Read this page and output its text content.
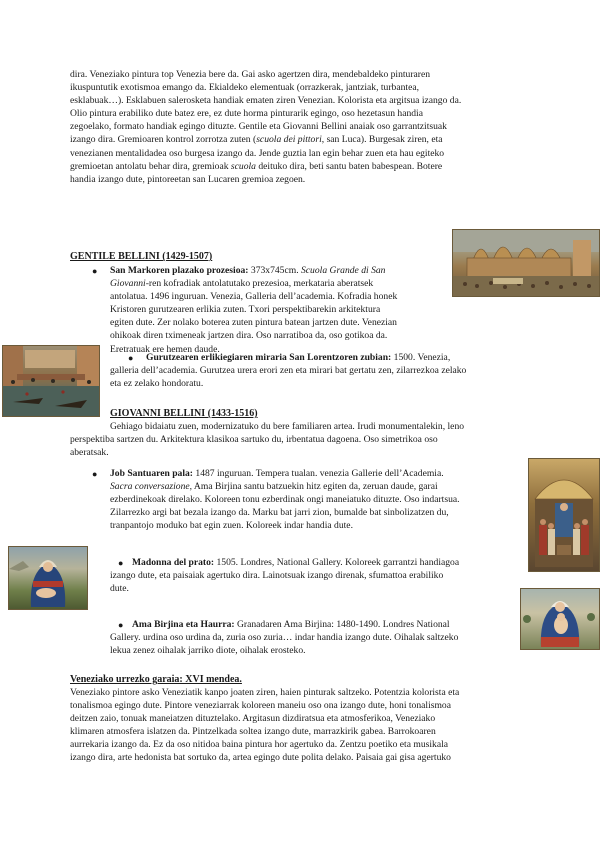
dira. Veneziako pintura top Venezia bere da. Gai asko agertzen dira, mendebaldeko pinturaren
ikuspuntutik exotismoa emango da. Ekialdeko elementuak (orrazkerak, jantziak, turbanteа,
esklabuak…). Esklabuen salerosketa handiak ematen ziren Venezian. Kolorista eta argitsua izango da.
Olio pintura erabiliko dute batez ere, ez dute horma pinturarik egingo, oso hezetasun handia
zegoelako, formato handiak egingo dituzte. Gentile eta Giovanni Bellini anaiak oso garrantzitsuak
izango dira. Gremioaren kontrol zorrotza zuten (scuola dei pittori, san Luca). Burgesak ziren, eta
venezianen mentalidadea oso burgesa izango da. Jende guztia lan egin behar zuen eta hau egiteko
gremioetan antolatu behar dira, gremioak scuola deituko dira, beti santu baten babespean. Botere
handia izango dute, pintoreetan san Lucaren gremioa zegoen.
GENTILE BELLINI (1429-1507)
● San Markoren plazako prozesioa: 373x745cm. Scuola Grande di San
Giovanni-ren kofradiak antolatutako prezesioa, merkataria aberatsek
antolatua. 1496 inguruan. Venezia, Galleria dell’academia. Kofradia honek
Kristoren gurutzearen erlikia zuten. Txori perspektibarekin arkitektura
egiten dute. Zer nolako boterea zuten pintura batean jartzen dute. Venezian
ohikoak diren tximeneak jartzen dira. Oso narratiboa da, oso gotikoa da.
Eretratuak ere hemen daude.
●	Gurutzearen erlikiegiaren miraria San Lorentzoren zubian: 1500. Venezia,
galleria dell’academia. Gurutzea urera erori zen eta mirari bat gertatu zen, zilarrezkoa zelako
eta ez zelako hondoratu.
GIOVANNI BELLINI (1433-1516)
Gehiago bidaiatu zuen, modernizatuko du bere familiaren artea. Irudi monumentalekin, leno
perspektiba sartzen du. Arkitektura klasikoa sartuko du, irbentatua dagoena. Oso simetrikoa oso
aberatsak.
● Job Santuaren pala: 1487 inguruan. Tempera tualan. venezia Gallerie dell’Academia.
Sacra conversazione, Ama Birjina santu batzuekin hitz egiten da, zeruan daude, garai
ezberdinekoak direlako. Koloreen tonu ezberdinak ongi maneiatuko dituzte. Oso indartsua.
Zilarrezko argi bat bezala izango da. Marku bat jarri zion, bumalde bat sinbolizatzen du,
tranpantojo moduko bat egin zuen. Koloreek indar handia dute.
● Madonna del prato: 1505. Londres, National Gallery. Koloreek garrantzi handiagoa
izango dute, eta paisaiak agertuko dira. Lainotsuak izango direnak, sfumattoa erabiliko
dute.
● Ama Birjina eta Haurra: Granadaren Ama Birjina: 1480-1490. Londres National
Gallery. urdina oso urdina da, zuria oso zuria… indar handia izango dute. Oihalak saltzeko
lekua zenez oihalak jarriko diote, oihalak erosteko.
Veneziako urrezko garaia: XVI mendea.
Veneziako pintore asko Veneziatik kanpo joaten ziren, haien pinturak saltzeko. Potentzia kolorista eta
tonalismoa egingo dute. Pintore veneziarrak koloreen maneiu oso ona izango dute, honi tonalismoa
deitzen zaio, tonuak maneiatzen dituztelako. Argitasun dizdiratsua eta atmosferikoa, Veneziako
klimaren atmosfera islatzen da. Pintzelkada soltea izango dute, marrazkirik gabea. Barrokoaren
aurrekaria izango da. Ez da oso nitidoa baina pintura hor agertuko da. Zentzu poetiko eta musikala
izango dira, arte hedonista bat sortuko da, artea egingo dute polita delako. Paisaia gai gisa agertuko
